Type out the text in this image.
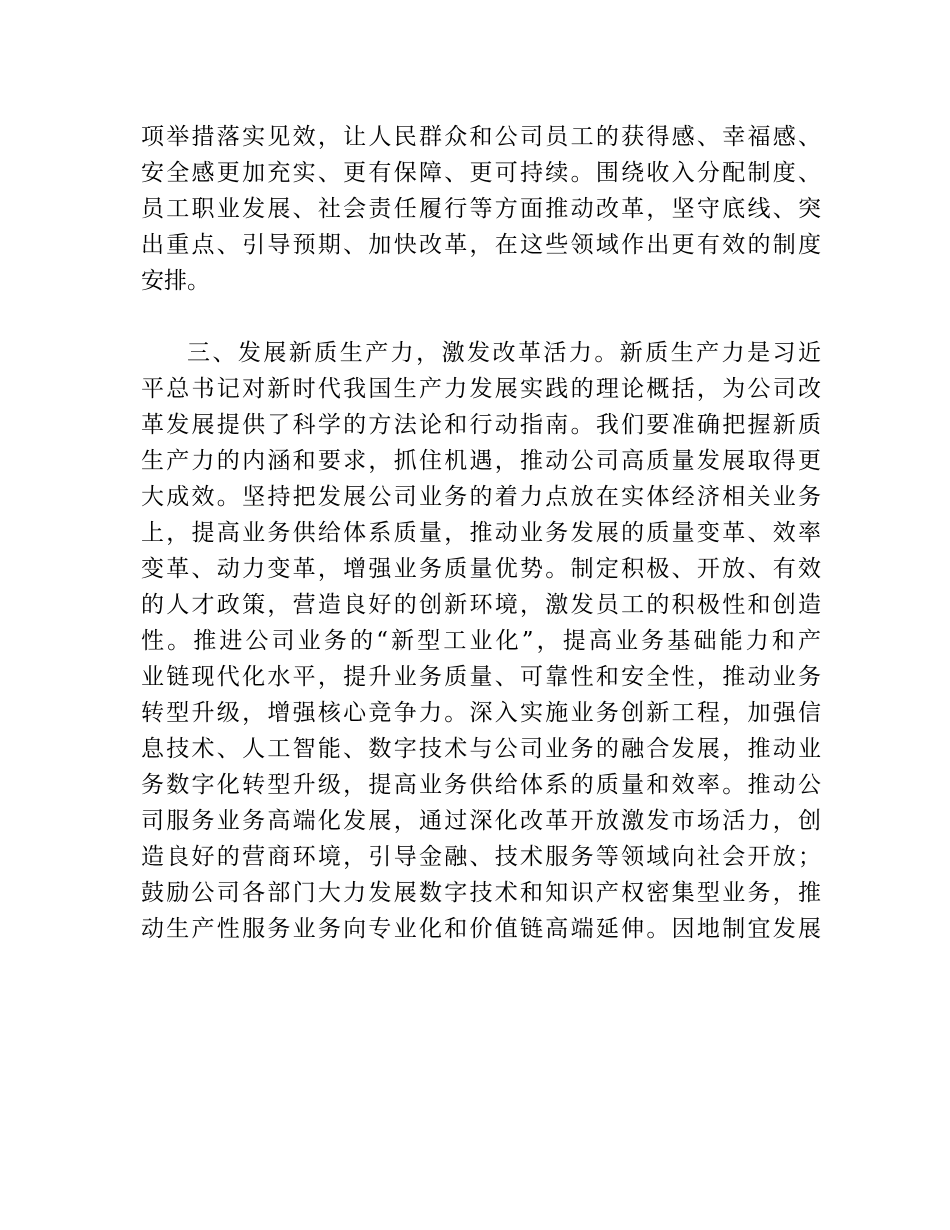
项举措落实见效，让人民群众和公司员工的获得感、幸福感、
安全感更加充实、更有保障、更可持续。围绕收入分配制度、
员工职业发展、社会责任履行等方面推动改革，坚守底线、突
出重点、引导预期、加快改革，在这些领域作出更有效的制度
安排。
三、发展新质生产力，激发改革活力。新质生产力是习近
平总书记对新时代我国生产力发展实践的理论概括，为公司改
革发展提供了科学的方法论和行动指南。我们要准确把握新质
生产力的内涵和要求，抓住机遇，推动公司高质量发展取得更
大成效。坚持把发展公司业务的着力点放在实体经济相关业务
上，提高业务供给体系质量，推动业务发展的质量变革、效率
变革、动力变革，增强业务质量优势。制定积极、开放、有效
的人才政策，营造良好的创新环境，激发员工的积极性和创造
性。推进公司业务的“新型工业化”，提高业务基础能力和产
业链现代化水平，提升业务质量、可靠性和安全性，推动业务
转型升级，增强核心竞争力。深入实施业务创新工程，加强信
息技术、人工智能、数字技术与公司业务的融合发展，推动业
务数字化转型升级，提高业务供给体系的质量和效率。推动公
司服务业务高端化发展，通过深化改革开放激发市场活力，创
造良好的营商环境，引导金融、技术服务等领域向社会开放；
鼓励公司各部门大力发展数字技术和知识产权密集型业务，推
动生产性服务业务向专业化和价值链高端延伸。因地制宜发展
